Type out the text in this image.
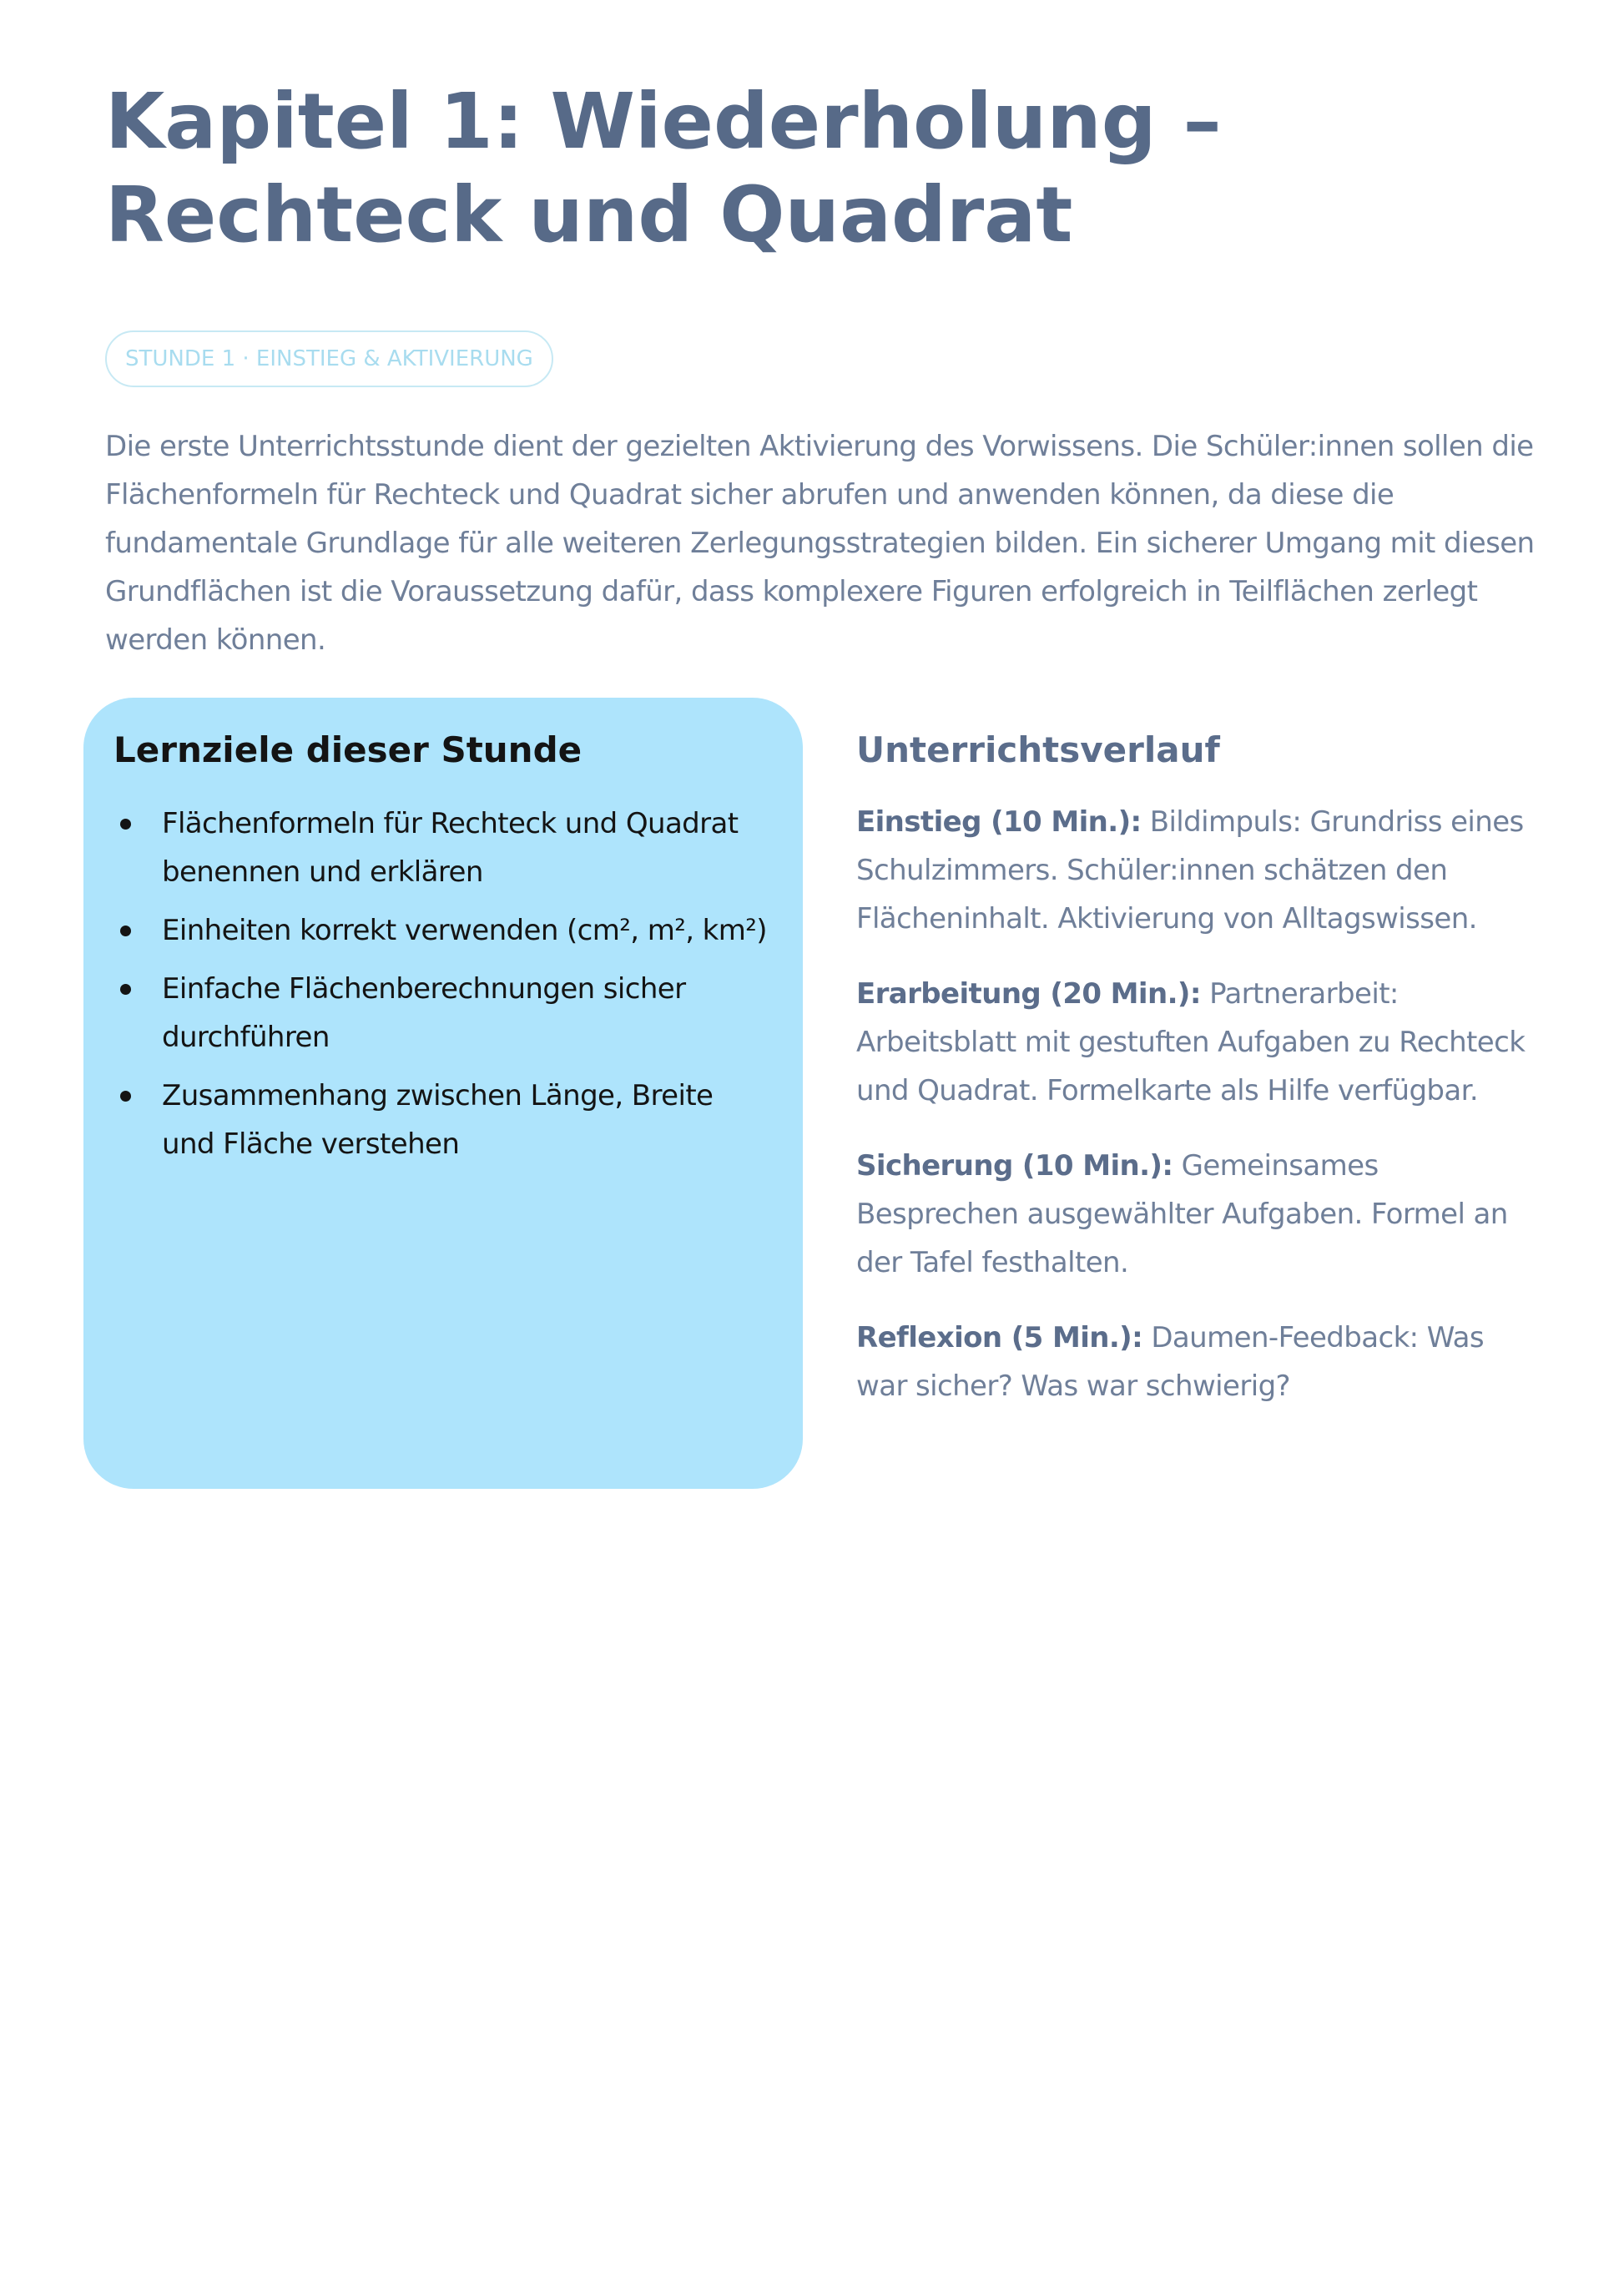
Kapitel 1: Wiederholung – Rechteck und Quadrat
STUNDE 1 · EINSTIEG & AKTIVIERUNG

Die erste Unterrichtsstunde dient der gezielten Aktivierung des Vorwissens. Die Schüler:innen sollen die Flächenformeln für Rechteck und Quadrat sicher abrufen und anwenden können, da diese die fundamentale Grundlage für alle weiteren Zerlegungsstrategien bilden. Ein sicherer Umgang mit diesen Grundflächen ist die Voraussetzung dafür, dass komplexere Figuren erfolgreich in Teilflächen zerlegt werden können.

Lernziele dieser Stunde
Flächenformeln für Rechteck und Quadrat benennen und erklären
Einheiten korrekt verwenden (cm², m², km²)
Einfache Flächenberechnungen sicher durchführen
Zusammenhang zwischen Länge, Breite und Fläche verstehen
Unterrichtsverlauf

Einstieg (10 Min.): Bildimpuls: Grundriss eines Schulzimmers. Schüler:innen schätzen den Flächeninhalt. Aktivierung von Alltagswissen.

Erarbeitung (20 Min.): Partnerarbeit: Arbeitsblatt mit gestuften Aufgaben zu Rechteck und Quadrat. Formelkarte als Hilfe verfügbar.

Sicherung (10 Min.): Gemeinsames Besprechen ausgewählter Aufgaben. Formel an der Tafel festhalten.

Reflexion (5 Min.): Daumen-Feedback: Was war sicher? Was war schwierig?
